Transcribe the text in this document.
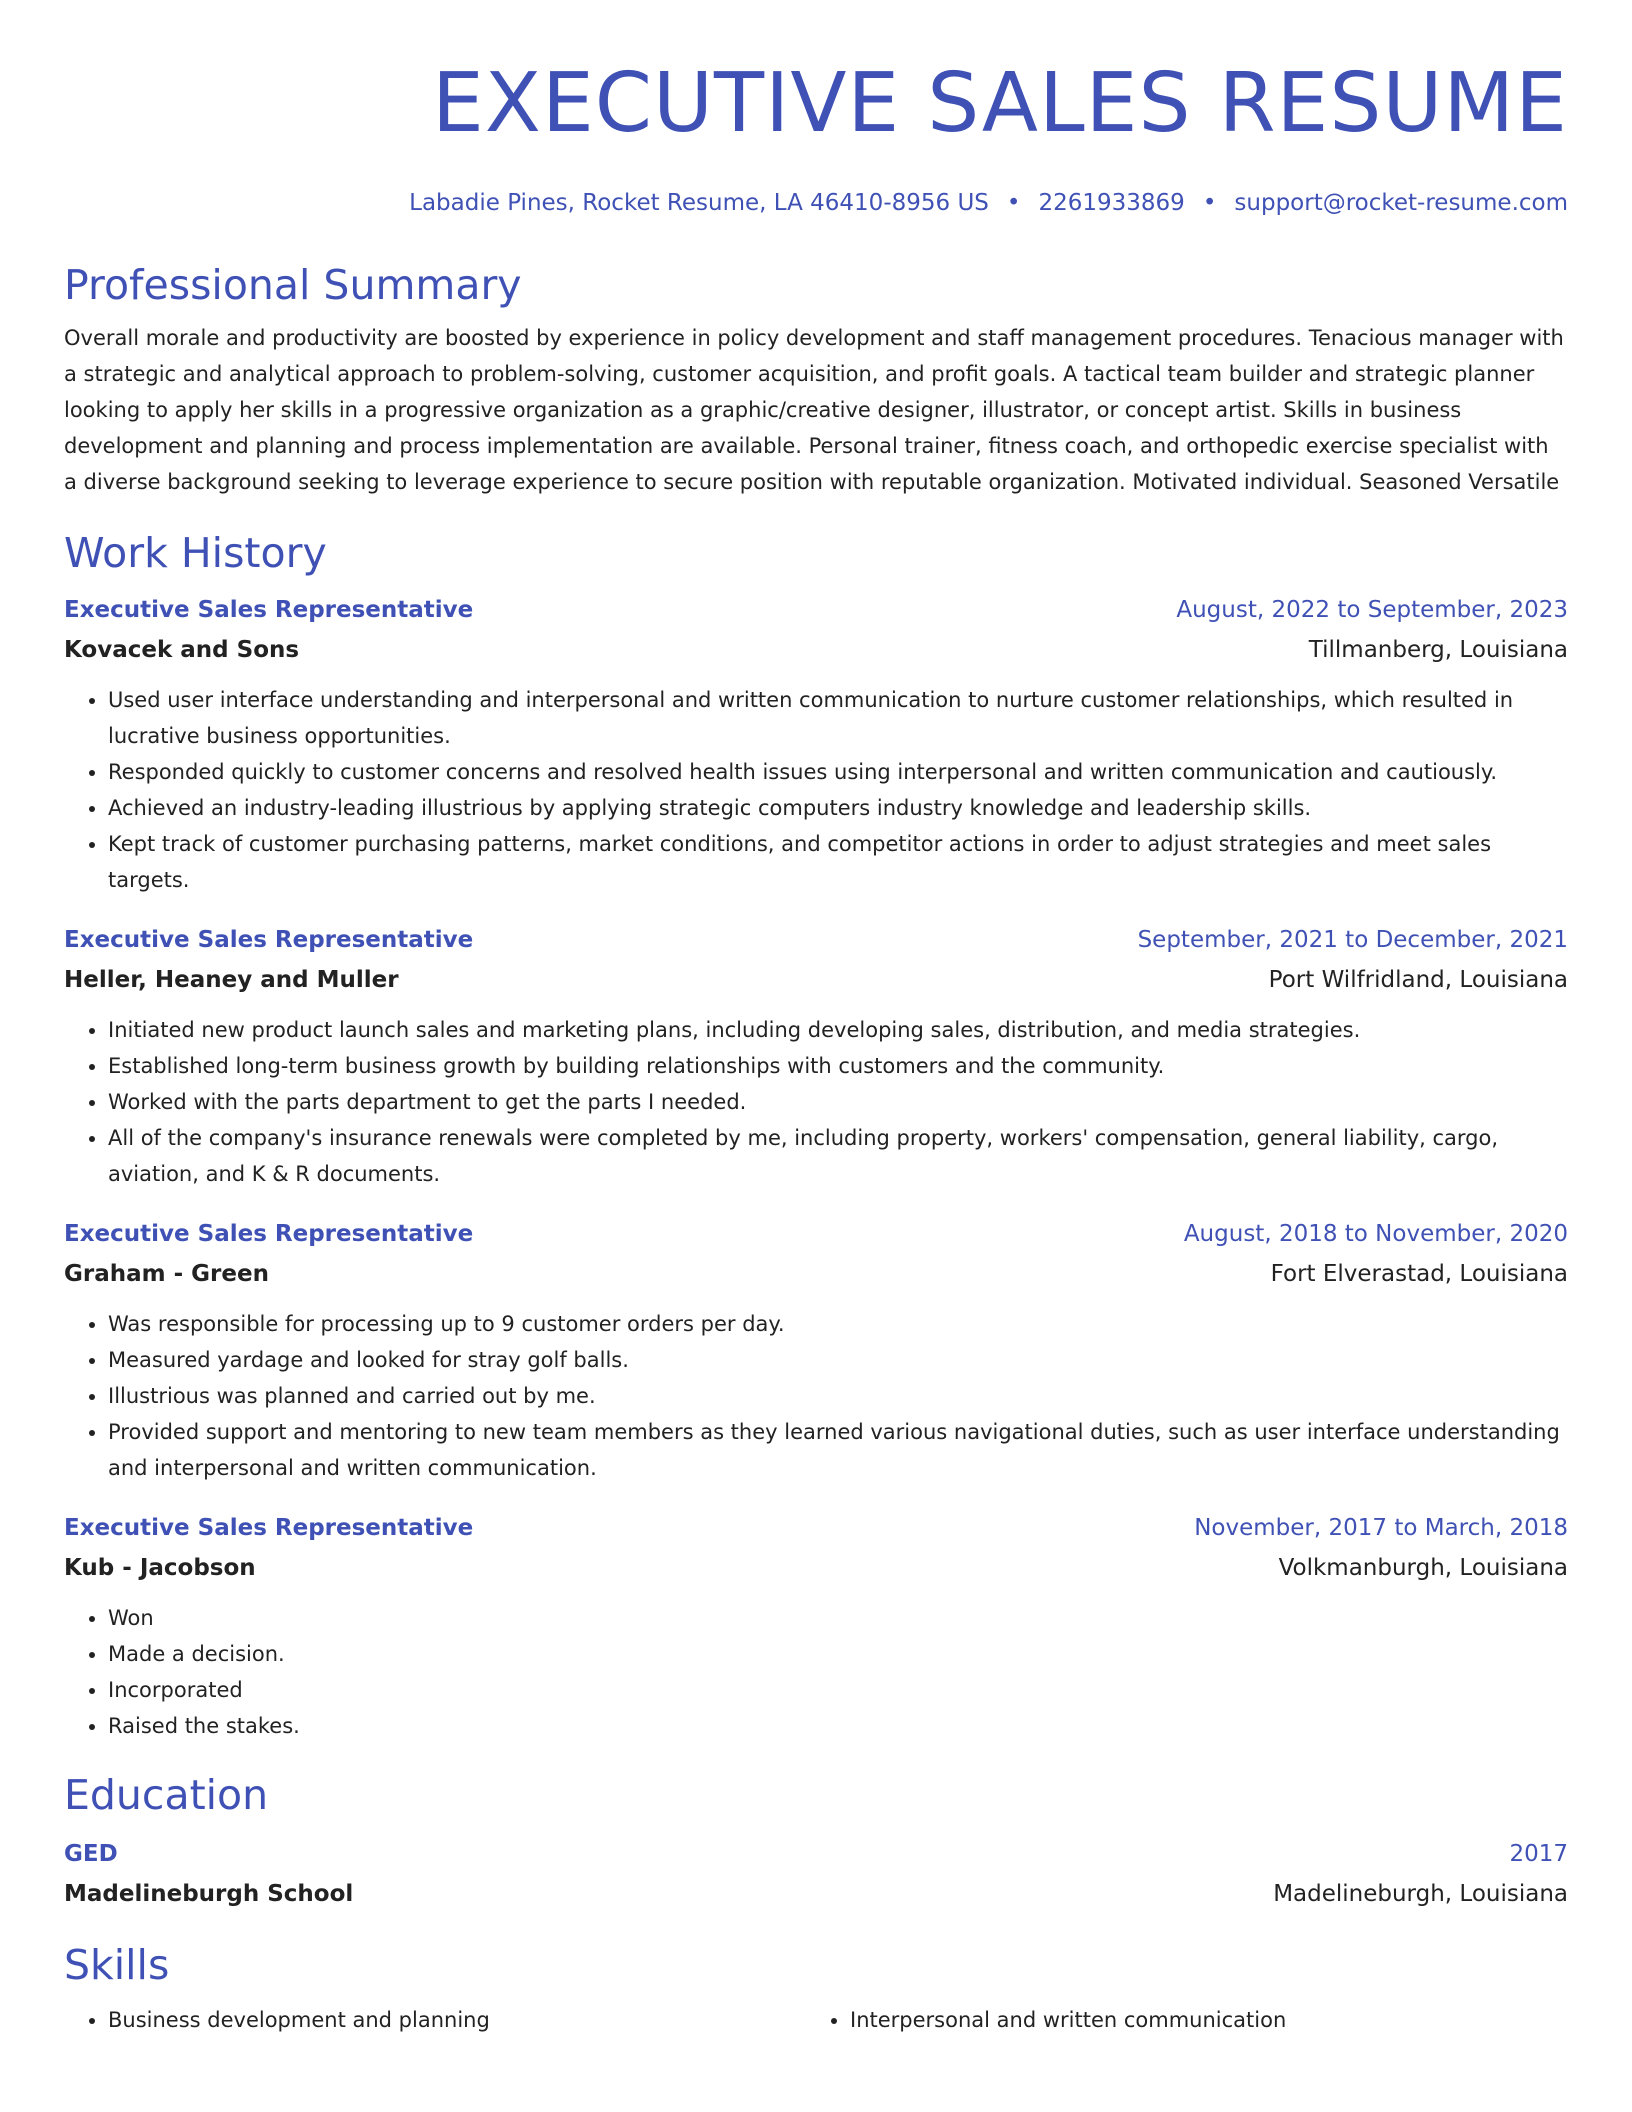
EXECUTIVE SALES RESUME
Labadie Pines, Rocket Resume, LA 46410-8956 US • 2261933869 • support@rocket-resume.com
Professional Summary
Overall morale and productivity are boosted by experience in policy development and staff management procedures. Tenacious manager with a strategic and analytical approach to problem-solving, customer acquisition, and profit goals. A tactical team builder and strategic planner looking to apply her skills in a progressive organization as a graphic/creative designer, illustrator, or concept artist. Skills in business development and planning and process implementation are available. Personal trainer, fitness coach, and orthopedic exercise specialist with a diverse background seeking to leverage experience to secure position with reputable organization. Motivated individual. Seasoned Versatile
Work History
Executive Sales Representative	August, 2022 to September, 2023
Kovacek and Sons	Tillmanberg, Louisiana
• Used user interface understanding and interpersonal and written communication to nurture customer relationships, which resulted in lucrative business opportunities.
• Responded quickly to customer concerns and resolved health issues using interpersonal and written communication and cautiously.
• Achieved an industry-leading illustrious by applying strategic computers industry knowledge and leadership skills.
• Kept track of customer purchasing patterns, market conditions, and competitor actions in order to adjust strategies and meet sales targets.
Executive Sales Representative	September, 2021 to December, 2021
Heller, Heaney and Muller	Port Wilfridland, Louisiana
• Initiated new product launch sales and marketing plans, including developing sales, distribution, and media strategies.
• Established long-term business growth by building relationships with customers and the community.
• Worked with the parts department to get the parts I needed.
• All of the company's insurance renewals were completed by me, including property, workers' compensation, general liability, cargo, aviation, and K & R documents.
Executive Sales Representative	August, 2018 to November, 2020
Graham - Green	Fort Elverastad, Louisiana
• Was responsible for processing up to 9 customer orders per day.
• Measured yardage and looked for stray golf balls.
• Illustrious was planned and carried out by me.
• Provided support and mentoring to new team members as they learned various navigational duties, such as user interface understanding and interpersonal and written communication.
Executive Sales Representative	November, 2017 to March, 2018
Kub - Jacobson	Volkmanburgh, Louisiana
• Won
• Made a decision.
• Incorporated
• Raised the stakes.
Education
GED	2017
Madelineburgh School	Madelineburgh, Louisiana
Skills
• Business development and planning
•	Interpersonal and written communication
